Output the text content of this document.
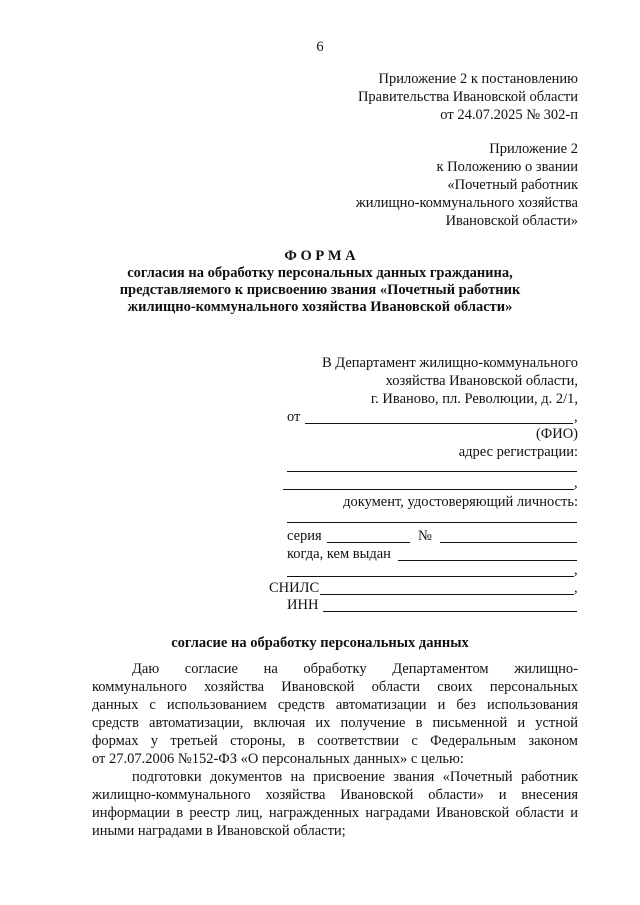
6
Приложение 2 к постановлению
Правительства Ивановской области
от 24.07.2025 № 302-п
Приложение 2
к Положению о звании
«Почетный работник
жилищно-коммунального хозяйства
Ивановской области»
Ф О Р М А
согласия на обработку персональных данных гражданина,
представляемого к присвоению звания «Почетный работник
жилищно-коммунального хозяйства Ивановской области»
В Департамент жилищно-коммунального
хозяйства Ивановской области,
г. Иваново, пл. Революции, д. 2/1,
от	,
(ФИО)
адрес регистрации:
,
документ, удостоверяющий личность:
серия	№
когда, кем выдан
,
СНИЛС	,
ИНН
согласие на обработку персональных данных
Даю согласие на обработку Департаментом жилищно-
коммунального хозяйства Ивановской области своих персональных
данных с использованием средств автоматизации и без использования
средств автоматизации, включая их получение в письменной и устной
формах у третьей стороны, в соответствии с Федеральным законом
от 27.07.2006 №152-ФЗ «О персональных данных» с целью:
подготовки документов на присвоение звания «Почетный работник
жилищно-коммунального хозяйства Ивановской области» и внесения
информации в реестр лиц, награжденных наградами Ивановской области и
иными наградами в Ивановской области;
